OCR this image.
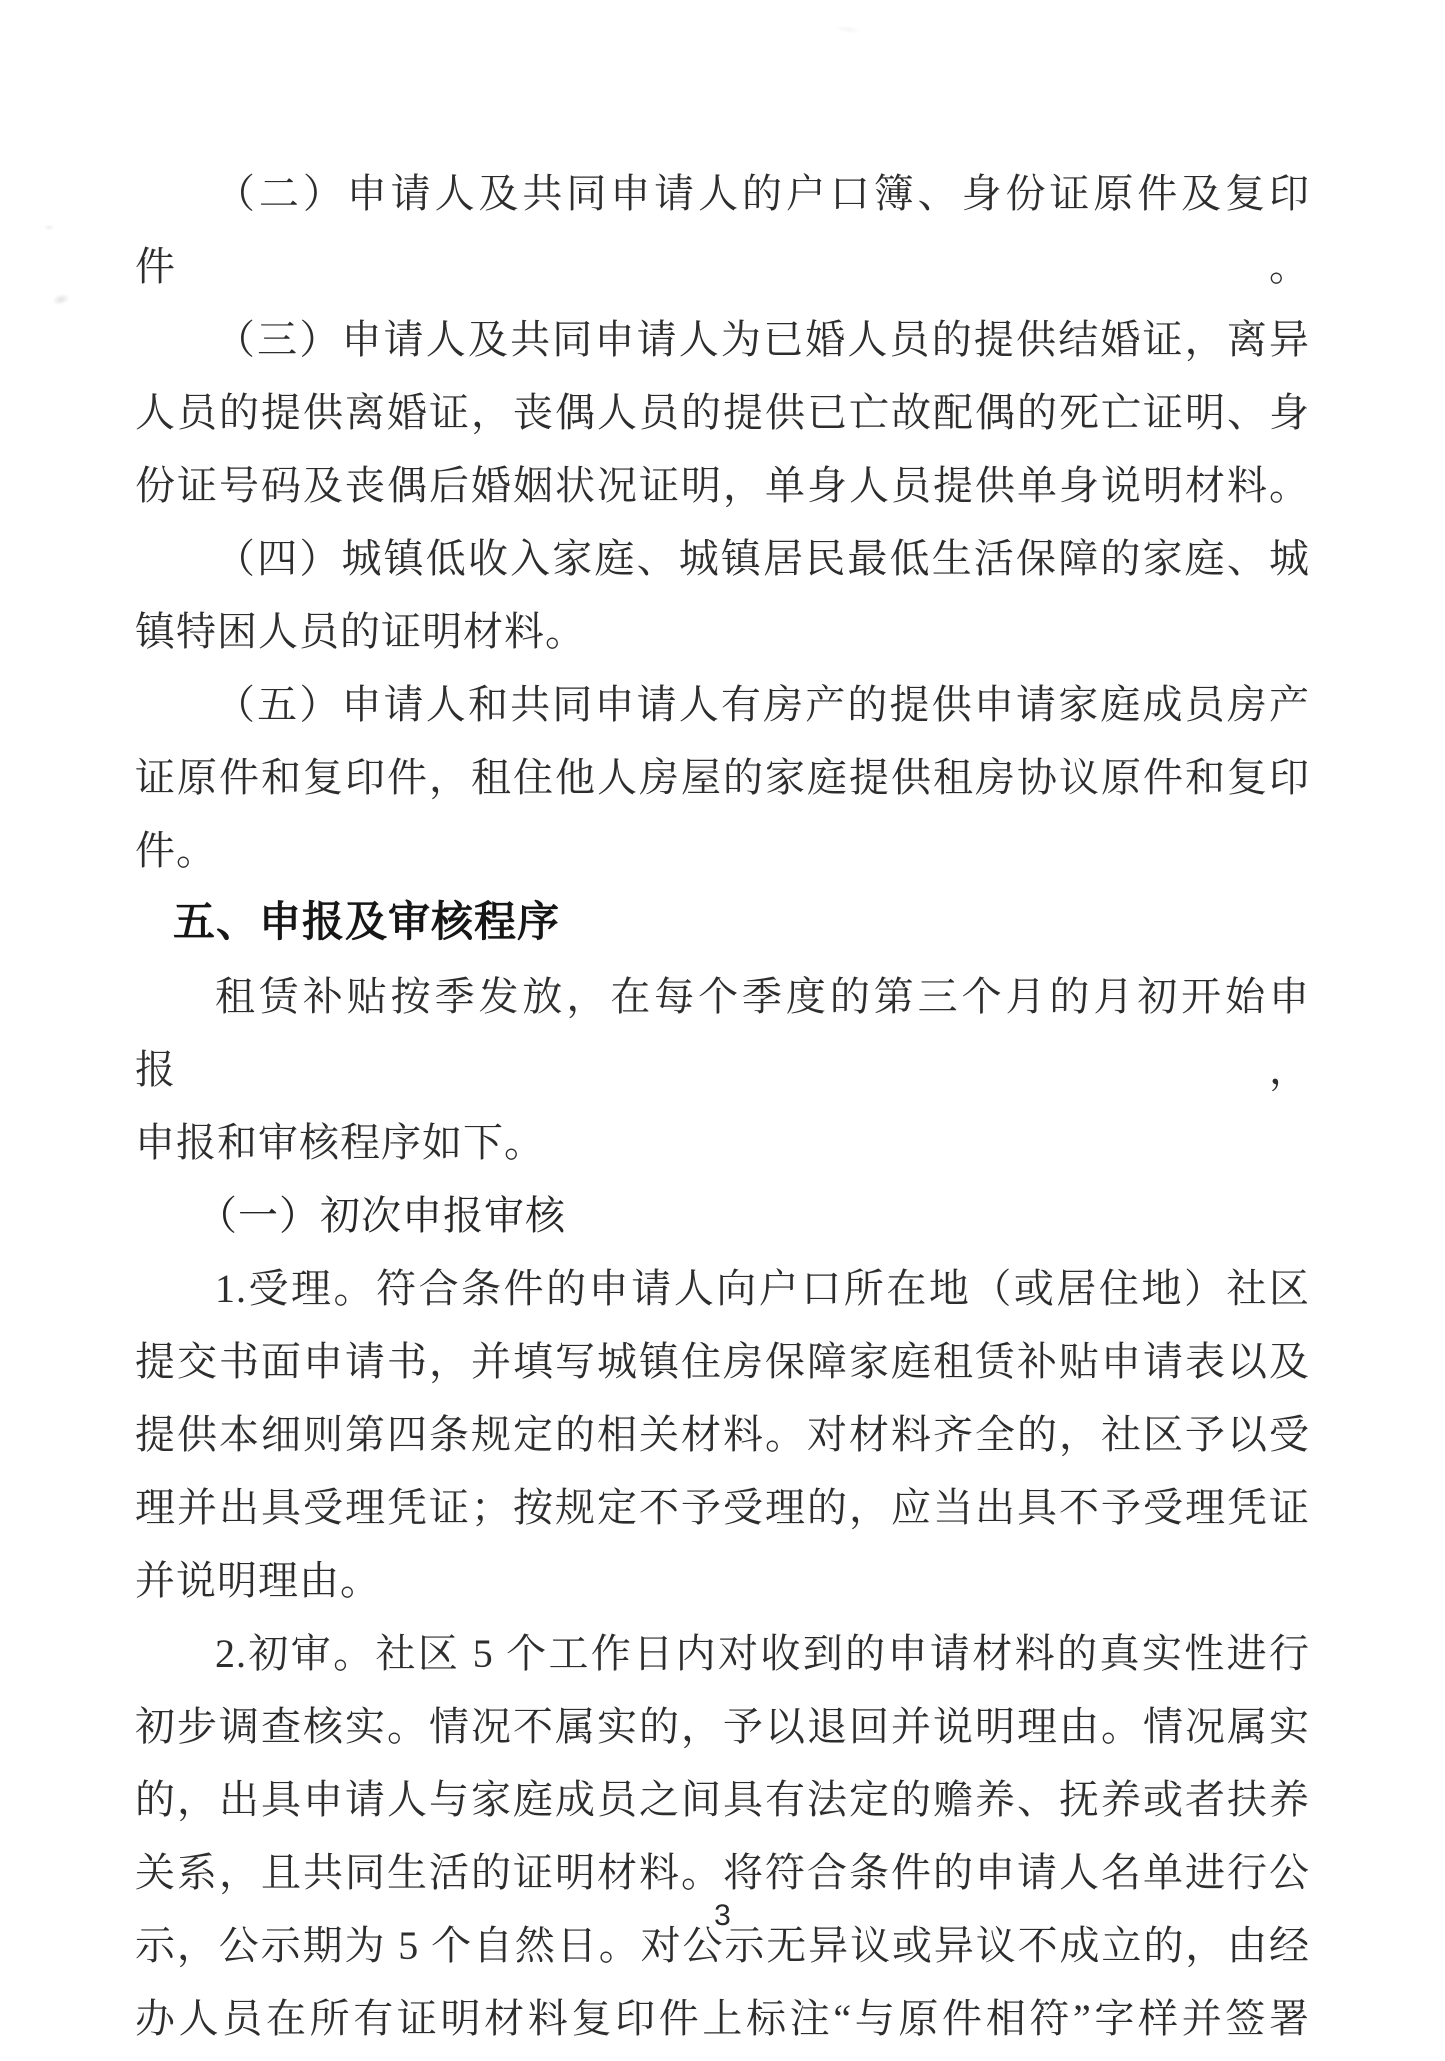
（二）申请人及共同申请人的户口簿、身份证原件及复印件。
（三）申请人及共同申请人为已婚人员的提供结婚证，离异
人员的提供离婚证，丧偶人员的提供已亡故配偶的死亡证明、身
份证号码及丧偶后婚姻状况证明，单身人员提供单身说明材料。
（四）城镇低收入家庭、城镇居民最低生活保障的家庭、城
镇特困人员的证明材料。
（五）申请人和共同申请人有房产的提供申请家庭成员房产
证原件和复印件，租住他人房屋的家庭提供租房协议原件和复印
件。
五、申报及审核程序
租赁补贴按季发放，在每个季度的第三个月的月初开始申报，
申报和审核程序如下。
（一）初次申报审核
1.受理。符合条件的申请人向户口所在地（或居住地）社区
提交书面申请书，并填写城镇住房保障家庭租赁补贴申请表以及
提供本细则第四条规定的相关材料。对材料齐全的，社区予以受
理并出具受理凭证；按规定不予受理的，应当出具不予受理凭证
并说明理由。
2.初审。社区 5 个工作日内对收到的申请材料的真实性进行
初步调查核实。情况不属实的，予以退回并说明理由。情况属实
的，出具申请人与家庭成员之间具有法定的赡养、抚养或者扶养
关系，且共同生活的证明材料。将符合条件的申请人名单进行公
示，公示期为 5 个自然日。对公示无异议或异议不成立的，由经
办人员在所有证明材料复印件上标注“与原件相符”字样并签署
3
